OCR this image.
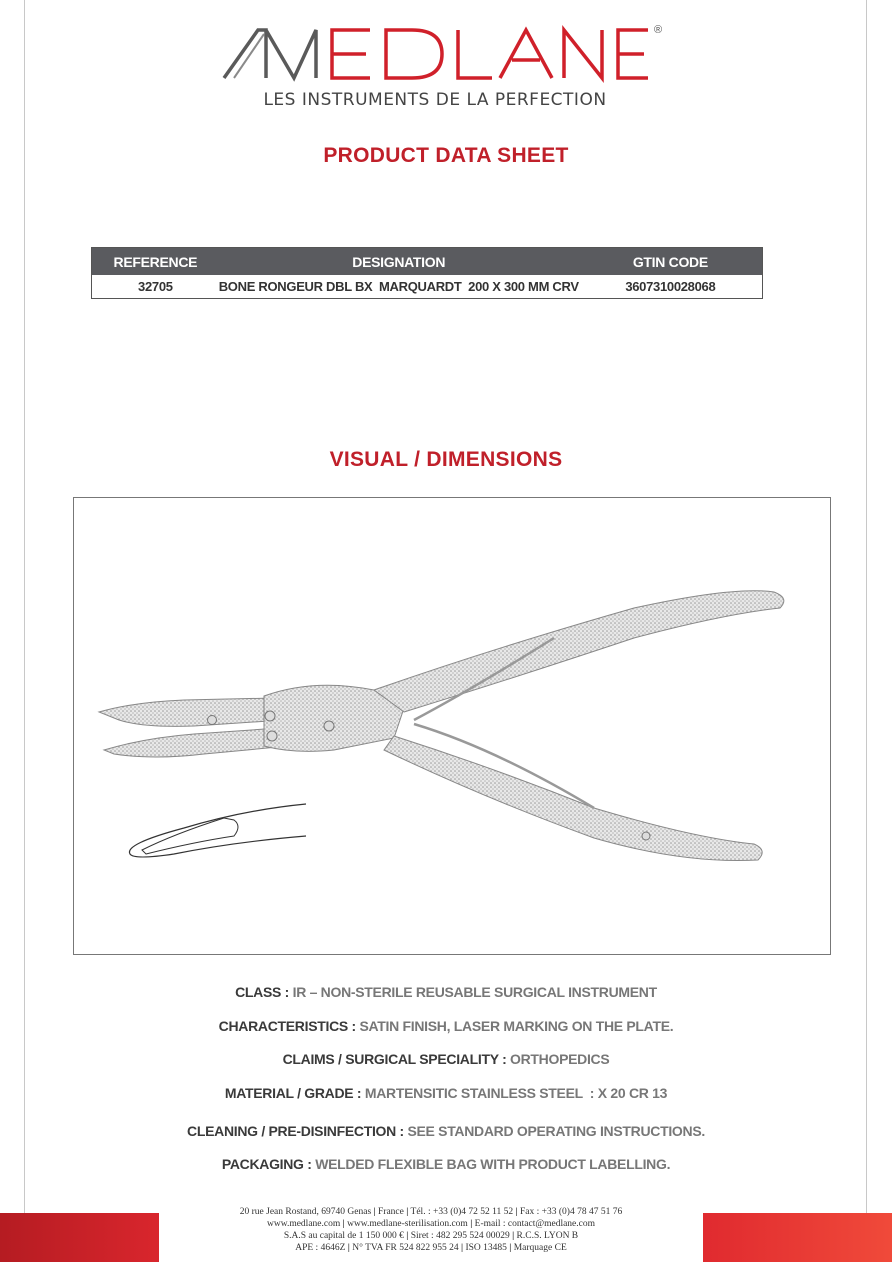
®
LES INSTRUMENTS DE LA PERFECTION
PRODUCT DATA SHEET
REFERENCE	DESIGNATION	GTIN CODE
32705	BONE RONGEUR DBL BX  MARQUARDT  200 X 300 MM CRV	3607310028068
VISUAL / DIMENSIONS
CLASS : IR – NON-STERILE REUSABLE SURGICAL INSTRUMENT
CHARACTERISTICS : SATIN FINISH, LASER MARKING ON THE PLATE.
CLAIMS / SURGICAL SPECIALITY : ORTHOPEDICS
MATERIAL / GRADE : MARTENSITIC STAINLESS STEEL  : X 20 CR 13
CLEANING / PRE-DISINFECTION : SEE STANDARD OPERATING INSTRUCTIONS.
PACKAGING : WELDED FLEXIBLE BAG WITH PRODUCT LABELLING.
20 rue Jean Rostand, 69740 Genas | France | Tél. : +33 (0)4 72 52 11 52 | Fax : +33 (0)4 78 47 51 76
www.medlane.com | www.medlane-sterilisation.com | E-mail : contact@medlane.com
S.A.S au capital de 1 150 000 € | Siret : 482 295 524 00029 | R.C.S. LYON B
APE : 4646Z | N° TVA FR 524 822 955 24 | ISO 13485 | Marquage CE
